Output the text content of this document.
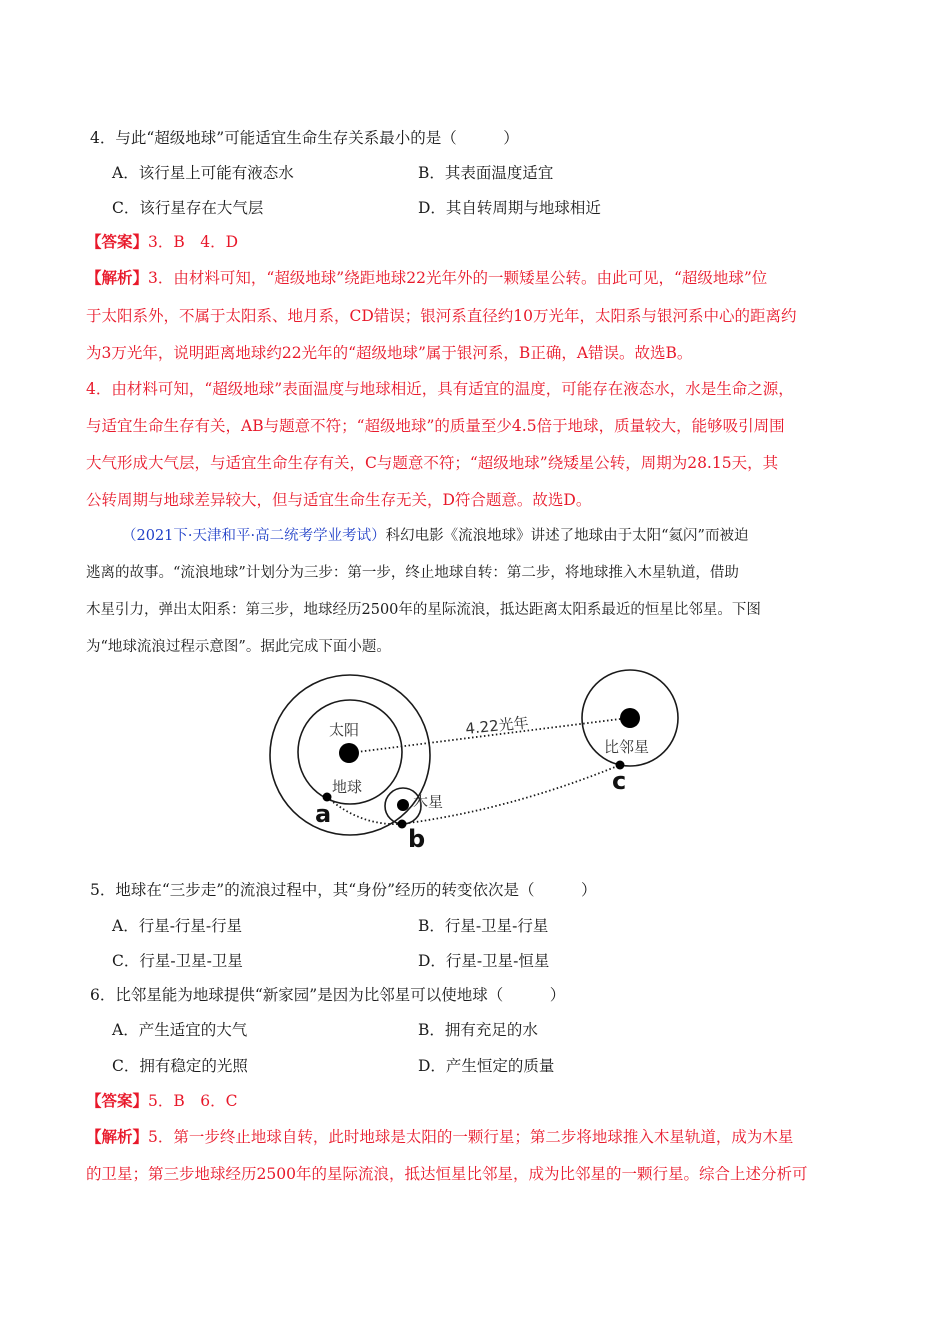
4．与此“超级地球”可能适宜生命生存关系最小的是（　　　）
A．该行星上可能有液态水	B．其表面温度适宜
C．该行星存在大气层	D．其自转周期与地球相近
【答案】3．B　4．D
【解析】3．由材料可知，“超级地球”绕距地球22光年外的一颗矮星公转。由此可见，“超级地球”位
于太阳系外，不属于太阳系、地月系，CD错误；银河系直径约10万光年，太阳系与银河系中心的距离约
为3万光年，说明距离地球约22光年的“超级地球”属于银河系，B正确，A错误。故选B。
4．由材料可知，“超级地球”表面温度与地球相近，具有适宜的温度，可能存在液态水，水是生命之源，
与适宜生命生存有关，AB与题意不符；“超级地球”的质量至少4.5倍于地球，质量较大，能够吸引周围
大气形成大气层，与适宜生命生存有关，C与题意不符；“超级地球”绕矮星公转，周期为28.15天，其
公转周期与地球差异较大，但与适宜生命生存无关，D符合题意。故选D。
（2021下·天津和平·高二统考学业考试）科幻电影《流浪地球》讲述了地球由于太阳“氦闪”而被迫
逃离的故事。“流浪地球”计划分为三步：第一步，终止地球自转：第二步，将地球推入木星轨道，借助
木星引力，弹出太阳系：第三步，地球经历2500年的星际流浪，抵达距离太阳系最近的恒星比邻星。下图
为“地球流浪过程示意图”。据此完成下面小题。
太阳
地球
木星
比邻星
4.22光年
a
b
c
5．地球在“三步走”的流浪过程中，其“身份”经历的转变依次是（　　　）
A．行星-行星-行星	B．行星-卫星-行星
C．行星-卫星-卫星	D．行星-卫星-恒星
6．比邻星能为地球提供“新家园”是因为比邻星可以使地球（　　　）
A．产生适宜的大气	B．拥有充足的水
C．拥有稳定的光照	D．产生恒定的质量
【答案】5．B　6．C
【解析】5．第一步终止地球自转，此时地球是太阳的一颗行星；第二步将地球推入木星轨道，成为木星
的卫星；第三步地球经历2500年的星际流浪，抵达恒星比邻星，成为比邻星的一颗行星。综合上述分析可
